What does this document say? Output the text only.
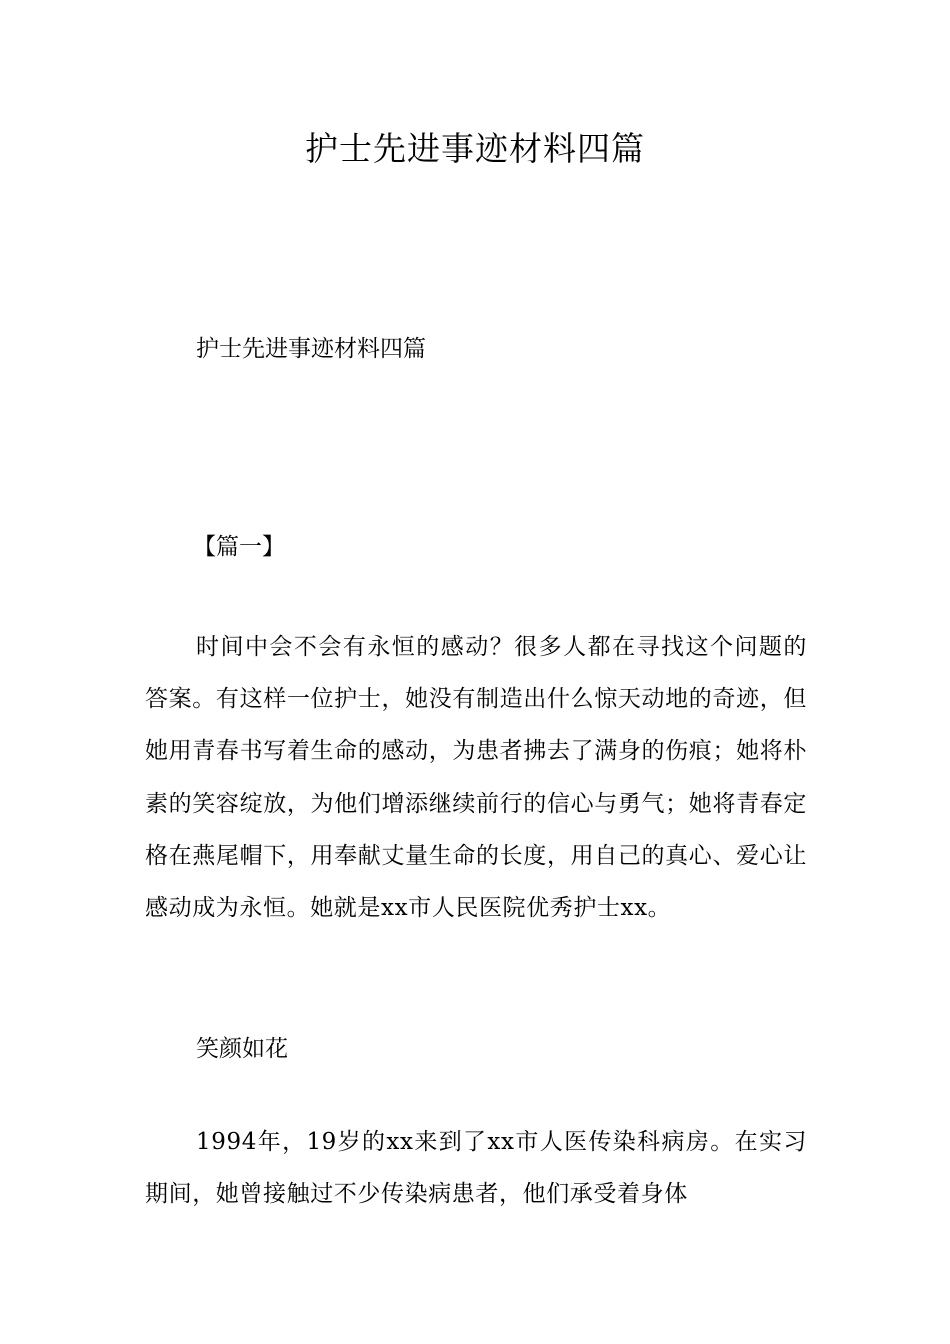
护士先进事迹材料四篇

护士先进事迹材料四篇

【篇一】

时间中会不会有永恒的感动？很多人都在寻找这个问题的答案。有这样一位护士，她没有制造出什么惊天动地的奇迹，但她用青春书写着生命的感动，为患者拂去了满身的伤痕；她将朴素的笑容绽放，为他们增添继续前行的信心与勇气；她将青春定格在燕尾帽下，用奉献丈量生命的长度，用自己的真心、爱心让感动成为永恒。她就是xx市人民医院优秀护士xx。

笑颜如花

1994年，19岁的xx来到了xx市人医传染科病房。在实习期间，她曾接触过不少传染病患者，他们承受着身体
